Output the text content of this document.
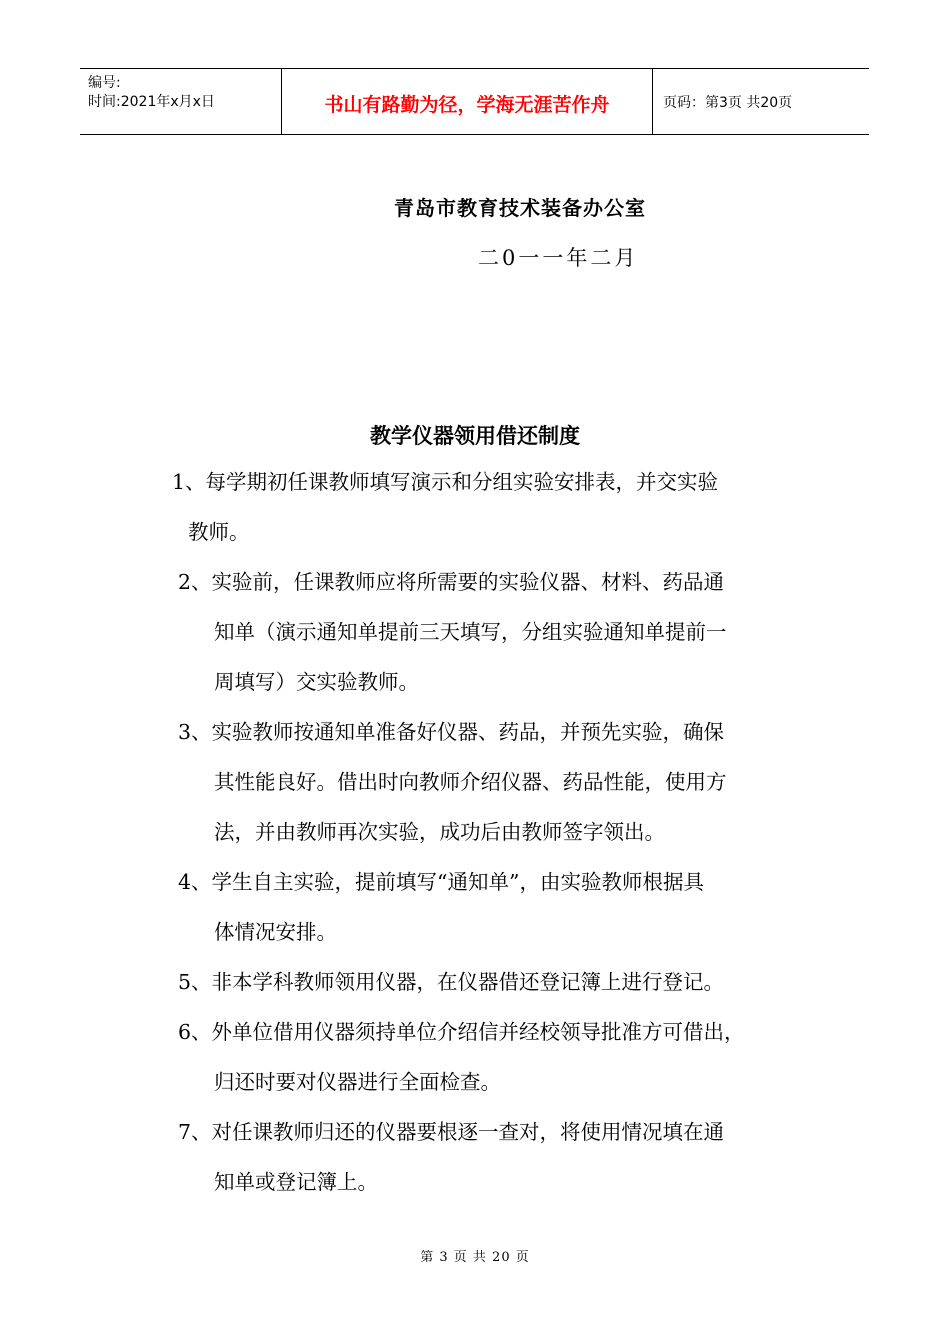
编号:
时间:2021年x月x日	书山有路勤为径，学海无涯苦作舟	页码：第3页 共20页
青岛市教育技术装备办公室
二0一一年二月
教学仪器领用借还制度
1、每学期初任课教师填写演示和分组实验安排表，并交实验
教师。
2、实验前，任课教师应将所需要的实验仪器、材料、药品通
知单（演示通知单提前三天填写，分组实验通知单提前一
周填写）交实验教师。
3、实验教师按通知单准备好仪器、药品，并预先实验，确保
其性能良好。借出时向教师介绍仪器、药品性能，使用方
法，并由教师再次实验，成功后由教师签字领出。
4、学生自主实验，提前填写“通知单”，由实验教师根据具
体情况安排。
5、非本学科教师领用仪器，在仪器借还登记簿上进行登记。
6、外单位借用仪器须持单位介绍信并经校领导批准方可借出，
归还时要对仪器进行全面检查。
7、对任课教师归还的仪器要根逐一查对，将使用情况填在通
知单或登记簿上。
第 3 页 共 20 页
